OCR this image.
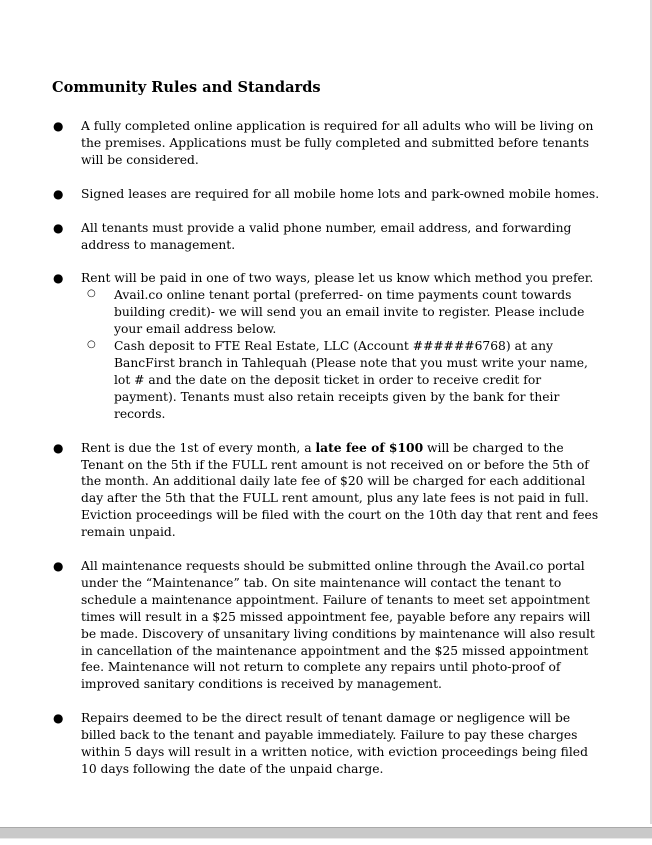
Community Rules and Standards
● A fully completed online application is required for all adults who will be living on the premises. Applications must be fully completed and submitted before tenants will be considered.
● Signed leases are required for all mobile home lots and park-owned mobile homes.
● All tenants must provide a valid phone number, email address, and forwarding address to management.
● Rent will be paid in one of two ways, please let us know which method you prefer.
○ Avail.co online tenant portal (preferred- on time payments count towards building credit)- we will send you an email invite to register. Please include your email address below.
○ Cash deposit to FTE Real Estate, LLC (Account ######6768) at any BancFirst branch in Tahlequah (Please note that you must write your name, lot # and the date on the deposit ticket in order to receive credit for payment). Tenants must also retain receipts given by the bank for their records.
● Rent is due the 1st of every month, a late fee of $100 will be charged to the Tenant on the 5th if the FULL rent amount is not received on or before the 5th of the month. An additional daily late fee of $20 will be charged for each additional day after the 5th that the FULL rent amount, plus any late fees is not paid in full. Eviction proceedings will be filed with the court on the 10th day that rent and fees remain unpaid.
● All maintenance requests should be submitted online through the Avail.co portal under the “Maintenance” tab. On site maintenance will contact the tenant to schedule a maintenance appointment. Failure of tenants to meet set appointment times will result in a $25 missed appointment fee, payable before any repairs will be made. Discovery of unsanitary living conditions by maintenance will also result in cancellation of the maintenance appointment and the $25 missed appointment fee. Maintenance will not return to complete any repairs until photo-proof of improved sanitary conditions is received by management.
● Repairs deemed to be the direct result of tenant damage or negligence will be billed back to the tenant and payable immediately. Failure to pay these charges within 5 days will result in a written notice, with eviction proceedings being filed 10 days following the date of the unpaid charge.
